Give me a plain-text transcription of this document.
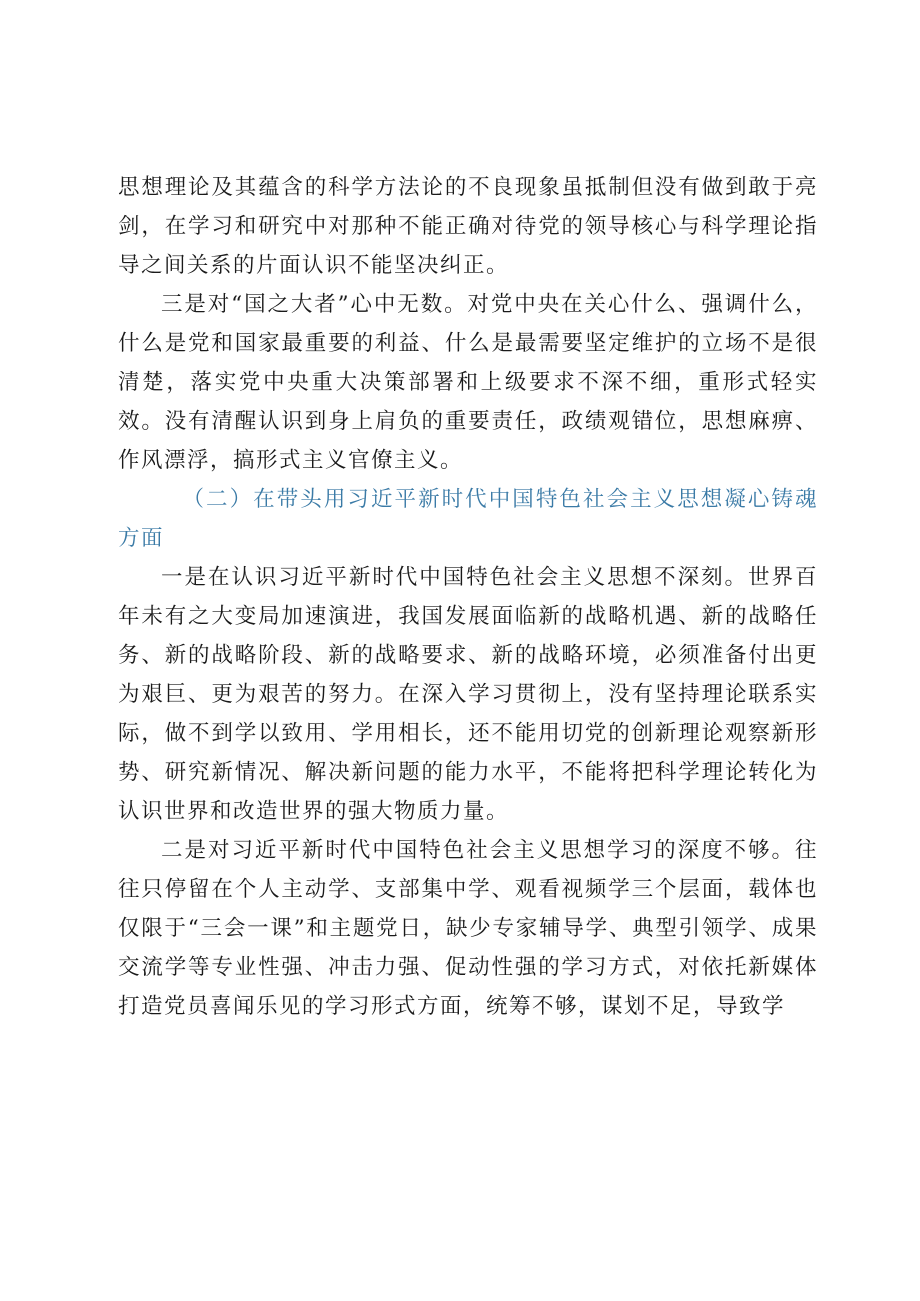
思想理论及其蕴含的科学方法论的不良现象虽抵制但没有做到敢于亮剑，在学习和研究中对那种不能正确对待党的领导核心与科学理论指导之间关系的片面认识不能坚决纠正。

三是对“国之大者”心中无数。对党中央在关心什么、强调什么，什么是党和国家最重要的利益、什么是最需要坚定维护的立场不是很清楚，落实党中央重大决策部署和上级要求不深不细，重形式轻实效。没有清醒认识到身上肩负的重要责任，政绩观错位，思想麻痹、作风漂浮，搞形式主义官僚主义。

（二）在带头用习近平新时代中国特色社会主义思想凝心铸魂方面

一是在认识习近平新时代中国特色社会主义思想不深刻。世界百年未有之大变局加速演进，我国发展面临新的战略机遇、新的战略任务、新的战略阶段、新的战略要求、新的战略环境，必须准备付出更为艰巨、更为艰苦的努力。在深入学习贯彻上，没有坚持理论联系实际，做不到学以致用、学用相长，还不能用切党的创新理论观察新形势、研究新情况、解决新问题的能力水平，不能将把科学理论转化为认识世界和改造世界的强大物质力量。

二是对习近平新时代中国特色社会主义思想学习的深度不够。往往只停留在个人主动学、支部集中学、观看视频学三个层面，载体也仅限于“三会一课”和主题党日，缺少专家辅导学、典型引领学、成果交流学等专业性强、冲击力强、促动性强的学习方式，对依托新媒体打造党员喜闻乐见的学习形式方面，统筹不够，谋划不足，导致学
